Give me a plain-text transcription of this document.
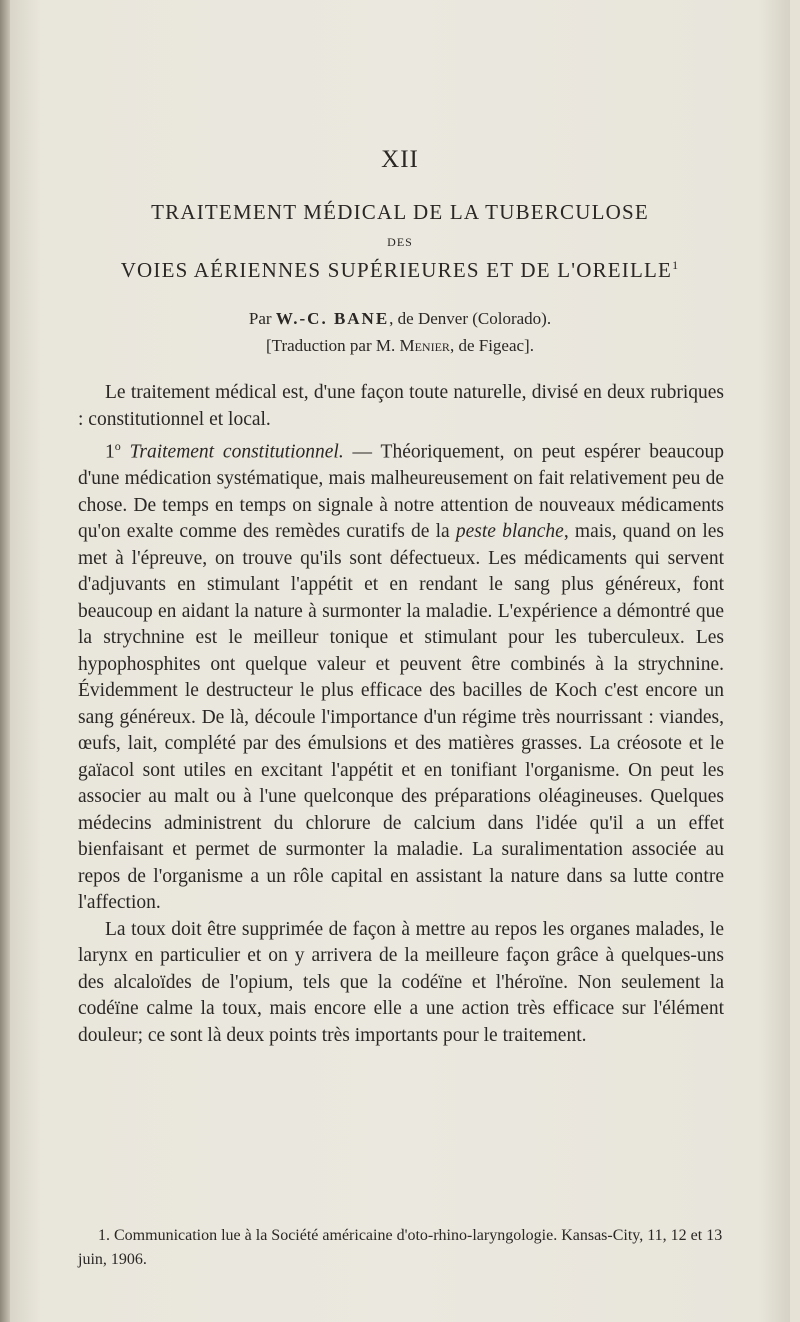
XII
TRAITEMENT MÉDICAL DE LA TUBERCULOSE
DES
VOIES AÉRIENNES SUPÉRIEURES ET DE L'OREILLE$^1$
Par W.-C. BANE, de Denver (Colorado).
[Traduction par M. Menier, de Figeac].

Le traitement médical est, d'une façon toute naturelle, divisé en deux rubriques : constitutionnel et local.

1$^o$ Traitement constitutionnel. — Théoriquement, on peut espérer beaucoup d'une médication systématique, mais malheureusement on fait relativement peu de chose. De temps en temps on signale à notre attention de nouveaux médicaments qu'on exalte comme des remèdes curatifs de la peste blanche, mais, quand on les met à l'épreuve, on trouve qu'ils sont défectueux. Les médicaments qui servent d'adjuvants en stimulant l'appétit et en rendant le sang plus généreux, font beaucoup en aidant la nature à surmonter la maladie. L'expérience a démontré que la strychnine est le meilleur tonique et stimulant pour les tuberculeux. Les hypophosphites ont quelque valeur et peuvent être combinés à la strychnine. Évidemment le destructeur le plus efficace des bacilles de Koch c'est encore un sang généreux. De là, découle l'importance d'un régime très nourrissant : viandes, œufs, lait, complété par des émulsions et des matières grasses. La créosote et le gaïacol sont utiles en excitant l'appétit et en tonifiant l'organisme. On peut les associer au malt ou à l'une quelconque des préparations oléagineuses. Quelques médecins administrent du chlorure de calcium dans l'idée qu'il a un effet bienfaisant et permet de surmonter la maladie. La suralimentation associée au repos de l'organisme a un rôle capital en assistant la nature dans sa lutte contre l'affection.

La toux doit être supprimée de façon à mettre au repos les organes malades, le larynx en particulier et on y arrivera de la meilleure façon grâce à quelques-uns des alcaloïdes de l'opium, tels que la codéïne et l'héroïne. Non seulement la codéïne calme la toux, mais encore elle a une action très efficace sur l'élément douleur; ce sont là deux points très importants pour le traitement.

1. Communication lue à la Société américaine d'oto-rhino-laryngologie. Kansas-City, 11, 12 et 13 juin, 1906.
